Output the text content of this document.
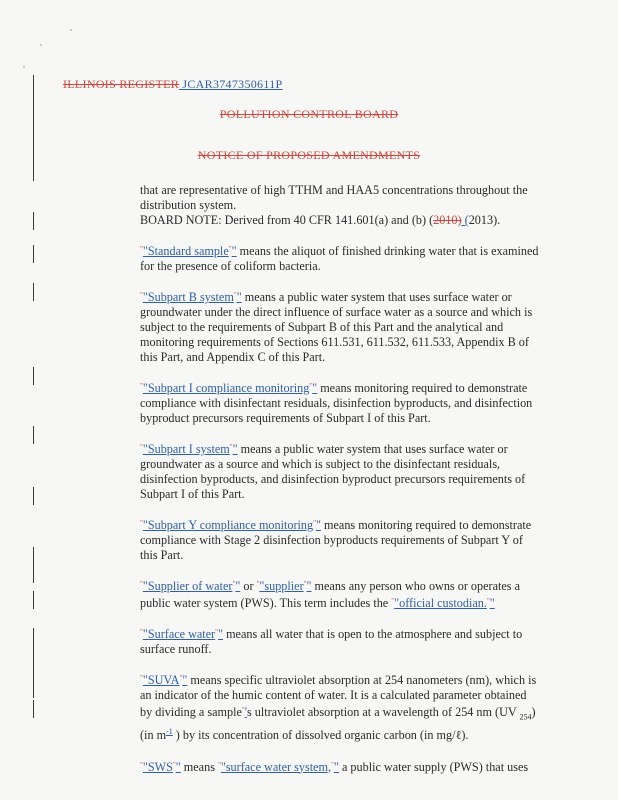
ILLINOIS REGISTER JCAR3747350611P
POLLUTION CONTROL BOARD
NOTICE OF PROPOSED AMENDMENTS

that are representative of high TTHM and HAA5 concentrations throughout the distribution system.

BOARD NOTE: Derived from 40 CFR 141.601(a) and (b) (2010) (2013).

""Standard sample"" means the aliquot of finished drinking water that is examined for the presence of coliform bacteria.

""Subpart B system"" means a public water system that uses surface water or groundwater under the direct influence of surface water as a source and which is subject to the requirements of Subpart B of this Part and the analytical and monitoring requirements of Sections 611.531, 611.532, 611.533, Appendix B of this Part, and Appendix C of this Part.

""Subpart I compliance monitoring"" means monitoring required to demonstrate compliance with disinfectant residuals, disinfection byproducts, and disinfection byproduct precursors requirements of Subpart I of this Part.

""Subpart I system"" means a public water system that uses surface water or groundwater as a source and which is subject to the disinfectant residuals, disinfection byproducts, and disinfection byproduct precursors requirements of Subpart I of this Part.

""Subpart Y compliance monitoring"" means monitoring required to demonstrate compliance with Stage 2 disinfection byproducts requirements of Subpart Y of this Part.

""Supplier of water"" or ""supplier"" means any person who owns or operates a public water system (PWS). This term includes the ""official custodian.""

""Surface water"" means all water that is open to the atmosphere and subject to surface runoff.

""SUVA"" means specific ultraviolet absorption at 254 nanometers (nm), which is an indicator of the humic content of water. It is a calculated parameter obtained by dividing a sample"'s ultraviolet absorption at a wavelength of 254 nm (UV $_{254}$) (in $m^{-1}$ ) by its concentration of dissolved organic carbon (in mg/ℓ).

""SWS"" means ""surface water system,"" a public water supply (PWS) that uses
